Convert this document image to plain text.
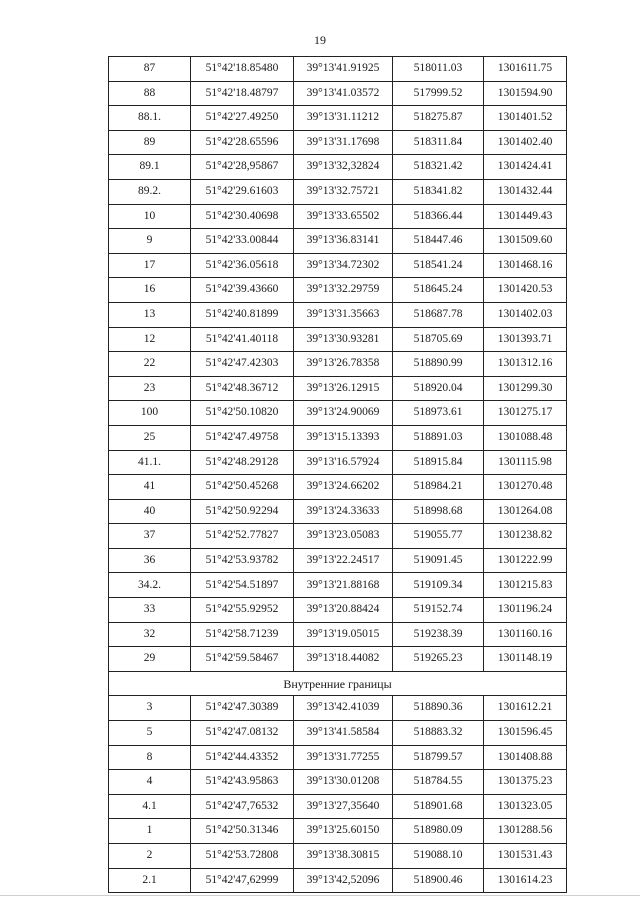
19
87	51°42'18.85480	39°13'41.91925	518011.03	1301611.75
88	51°42'18.48797	39°13'41.03572	517999.52	1301594.90
88.1.	51°42'27.49250	39°13'31.11212	518275.87	1301401.52
89	51°42'28.65596	39°13'31.17698	518311.84	1301402.40
89.1	51°42'28,95867	39°13'32,32824	518321.42	1301424.41
89.2.	51°42'29.61603	39°13'32.75721	518341.82	1301432.44
10	51°42'30.40698	39°13'33.65502	518366.44	1301449.43
9	51°42'33.00844	39°13'36.83141	518447.46	1301509.60
17	51°42'36.05618	39°13'34.72302	518541.24	1301468.16
16	51°42'39.43660	39°13'32.29759	518645.24	1301420.53
13	51°42'40.81899	39°13'31.35663	518687.78	1301402.03
12	51°42'41.40118	39°13'30.93281	518705.69	1301393.71
22	51°42'47.42303	39°13'26.78358	518890.99	1301312.16
23	51°42'48.36712	39°13'26.12915	518920.04	1301299.30
100	51°42'50.10820	39°13'24.90069	518973.61	1301275.17
25	51°42'47.49758	39°13'15.13393	518891.03	1301088.48
41.1.	51°42'48.29128	39°13'16.57924	518915.84	1301115.98
41	51°42'50.45268	39°13'24.66202	518984.21	1301270.48
40	51°42'50.92294	39°13'24.33633	518998.68	1301264.08
37	51°42'52.77827	39°13'23.05083	519055.77	1301238.82
36	51°42'53.93782	39°13'22.24517	519091.45	1301222.99
34.2.	51°42'54.51897	39°13'21.88168	519109.34	1301215.83
33	51°42'55.92952	39°13'20.88424	519152.74	1301196.24
32	51°42'58.71239	39°13'19.05015	519238.39	1301160.16
29	51°42'59.58467	39°13'18.44082	519265.23	1301148.19
Внутренние границы				
3	51°42'47.30389	39°13'42.41039	518890.36	1301612.21
5	51°42'47.08132	39°13'41.58584	518883.32	1301596.45
8	51°42'44.43352	39°13'31.77255	518799.57	1301408.88
4	51°42'43.95863	39°13'30.01208	518784.55	1301375.23
4.1	51°42'47,76532	39°13'27,35640	518901.68	1301323.05
1	51°42'50.31346	39°13'25.60150	518980.09	1301288.56
2	51°42'53.72808	39°13'38.30815	519088.10	1301531.43
2.1	51°42'47,62999	39°13'42,52096	518900.46	1301614.23
